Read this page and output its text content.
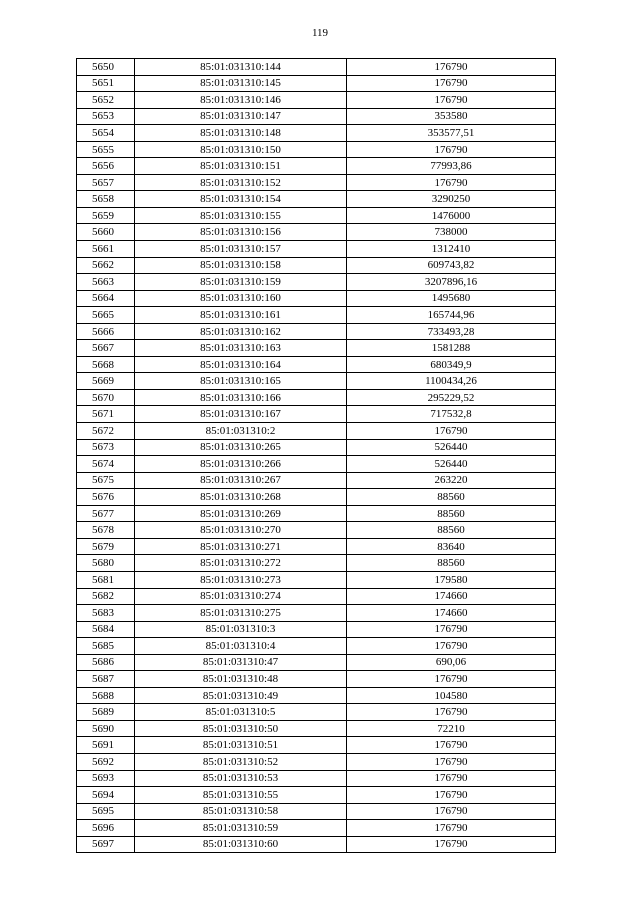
119
5650	85:01:031310:144	176790
5651	85:01:031310:145	176790
5652	85:01:031310:146	176790
5653	85:01:031310:147	353580
5654	85:01:031310:148	353577,51
5655	85:01:031310:150	176790
5656	85:01:031310:151	77993,86
5657	85:01:031310:152	176790
5658	85:01:031310:154	3290250
5659	85:01:031310:155	1476000
5660	85:01:031310:156	738000
5661	85:01:031310:157	1312410
5662	85:01:031310:158	609743,82
5663	85:01:031310:159	3207896,16
5664	85:01:031310:160	1495680
5665	85:01:031310:161	165744,96
5666	85:01:031310:162	733493,28
5667	85:01:031310:163	1581288
5668	85:01:031310:164	680349,9
5669	85:01:031310:165	1100434,26
5670	85:01:031310:166	295229,52
5671	85:01:031310:167	717532,8
5672	85:01:031310:2	176790
5673	85:01:031310:265	526440
5674	85:01:031310:266	526440
5675	85:01:031310:267	263220
5676	85:01:031310:268	88560
5677	85:01:031310:269	88560
5678	85:01:031310:270	88560
5679	85:01:031310:271	83640
5680	85:01:031310:272	88560
5681	85:01:031310:273	179580
5682	85:01:031310:274	174660
5683	85:01:031310:275	174660
5684	85:01:031310:3	176790
5685	85:01:031310:4	176790
5686	85:01:031310:47	690,06
5687	85:01:031310:48	176790
5688	85:01:031310:49	104580
5689	85:01:031310:5	176790
5690	85:01:031310:50	72210
5691	85:01:031310:51	176790
5692	85:01:031310:52	176790
5693	85:01:031310:53	176790
5694	85:01:031310:55	176790
5695	85:01:031310:58	176790
5696	85:01:031310:59	176790
5697	85:01:031310:60	176790
